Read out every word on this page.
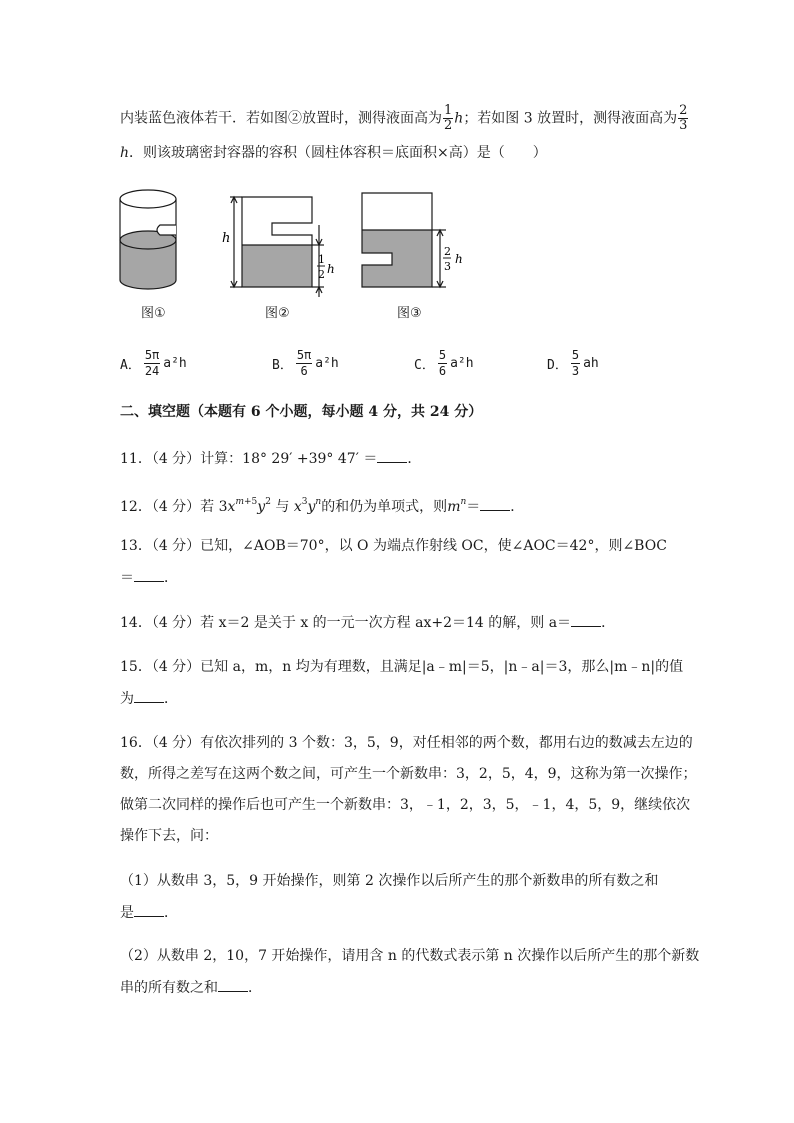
内装蓝色液体若干．若如图②放置时，测得液面高为 $\frac{1}{2}$ h；若如图 3 放置时，测得液面高为 $\frac{2}{3}$
h．则该玻璃密封容器的容积（圆柱体容积＝底面积×高）是（　　）
h
1
2 h
2
3
h
图①	图②	图③
A． $\frac{5\pi}{24} a^2h$	B． $\frac{5\pi}{6} a^2h$	C． $\frac{5}{6} a^2h$	D． $\frac{5}{3}$ ah
二、填空题（本题有 6 个小题，每小题 4 分，共 24 分）
11．（4 分）计算：18° 29′ +39° 47′ ＝ ．
12．（4 分）若 $3x^{m+5}y^2$ 与 $x^3y^n$的和仍为单项式，则$m^n=$ ．
13．（4 分）已知，∠AOB＝70°，以 O 为端点作射线 OC，使∠AOC＝42°，则∠BOC
＝ ．
14．（4 分）若 x＝2 是关于 x 的一元一次方程 ax+2＝14 的解，则 a＝ ．
15．（4 分）已知 a，m，n 均为有理数，且满足|a﹣m|＝5，|n﹣a|＝3，那么|m﹣n|的值
为 ．
16．（4 分）有依次排列的 3 个数：3，5，9，对任相邻的两个数，都用右边的数减去左边的
数，所得之差写在这两个数之间，可产生一个新数串：3，2，5，4，9，这称为第一次操作；
做第二次同样的操作后也可产生一个新数串：3，﹣1，2，3，5，﹣1，4，5，9，继续依次
操作下去，问：
（1）从数串 3，5，9 开始操作，则第 2 次操作以后所产生的那个新数串的所有数之和
是 ．
（2）从数串 2，10，7 开始操作，请用含 n 的代数式表示第 n 次操作以后所产生的那个新数
串的所有数之和 ．
